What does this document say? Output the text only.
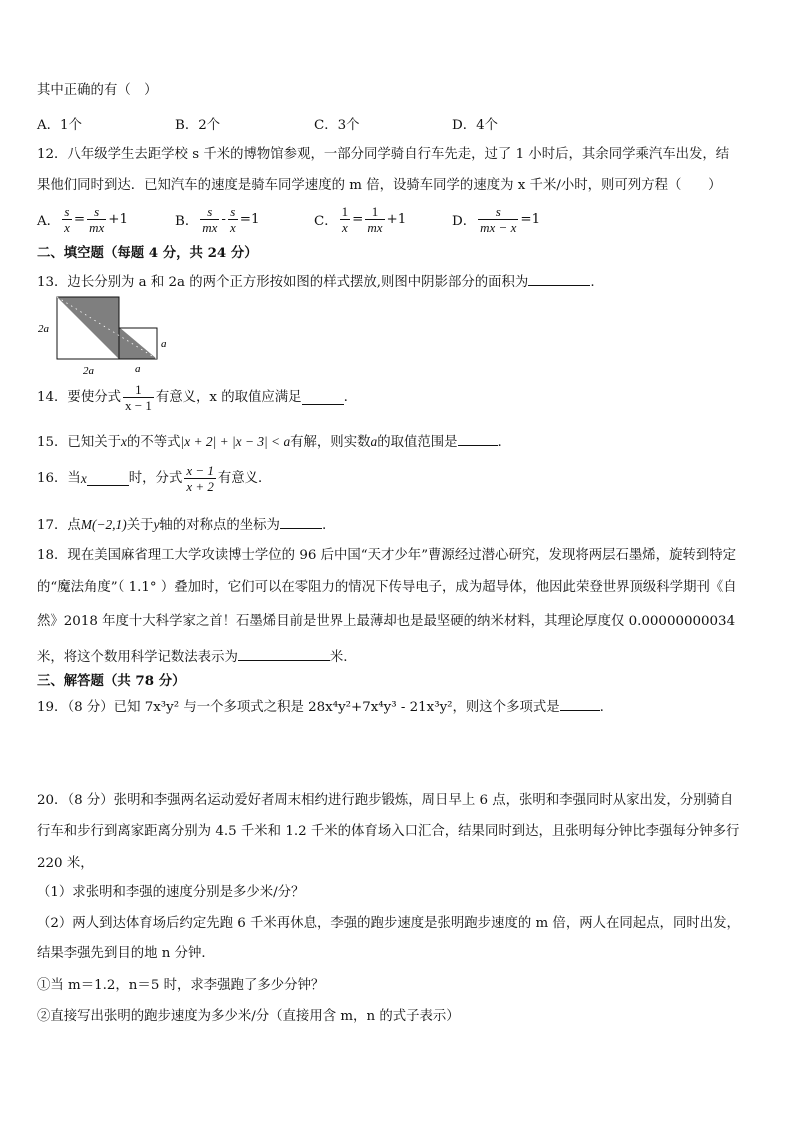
其中正确的有（　）
A．1个	B．2个	C．3个	D．4个
12．八年级学生去距学校 s 千米的博物馆参观，一部分同学骑自行车先走，过了 1 小时后，其余同学乘汽车出发，结
果他们同时到达．已知汽车的速度是骑车同学速度的 m 倍，设骑车同学的速度为 x 千米/小时，则可列方程（　　）
A． $\frac{s}{x} = \frac{s}{mx} +1$	B． $\frac{s}{mx} - \frac{s}{x} =1$	C． $\frac{1}{x} = \frac{1}{mx} +1$	D． $\frac{s}{mx - x} =1$
二、填空题（每题 4 分，共 24 分）
13．边长分别为 a 和 2a 的两个正方形按如图的样式摆放,则图中阴影部分的面积为	.
2a
2a	a
a
14．要使分式 $\frac{1}{x - 1}$ 有意义，x 的取值应满足	.
15．已知关于x的不等式|x + 2| + |x − 3| < a有解，则实数a的取值范围是	.
16．当 x	时，分式 $\frac{x - 1}{x + 2}$ 有意义．
17．点M(−2,1)关于y轴的对称点的坐标为	.
18．现在美国麻省理工大学攻读博士学位的 96 后中国“天才少年”曹源经过潜心研究，发现将两层石墨烯，旋转到特定
的“魔法角度”（ 1.1° ）叠加时，它们可以在零阻力的情况下传导电子，成为超导体，他因此荣登世界顶级科学期刊《自
然》2018 年度十大科学家之首！石墨烯目前是世界上最薄却也是最坚硬的纳米材料，其理论厚度仅 0.00000000034
米，将这个数用科学记数法表示为	米.
三、解答题（共 78 分）
19．（8 分）已知 7x³y² 与一个多项式之积是 28x⁴y²+7x⁴y³ - 21x³y²，则这个多项式是	.
20．（8 分）张明和李强两名运动爱好者周末相约进行跑步锻炼，周日早上 6 点，张明和李强同时从家出发，分别骑自
行车和步行到离家距离分别为 4.5 千米和 1.2 千米的体育场入口汇合，结果同时到达，且张明每分钟比李强每分钟多行
220 米，
（1）求张明和李强的速度分别是多少米/分？
（2）两人到达体育场后约定先跑 6 千米再休息，李强的跑步速度是张明跑步速度的 m 倍，两人在同起点，同时出发，
结果李强先到目的地 n 分钟．
①当 m＝1.2，n＝5 时，求李强跑了多少分钟？
②直接写出张明的跑步速度为多少米/分（直接用含 m，n 的式子表示）
